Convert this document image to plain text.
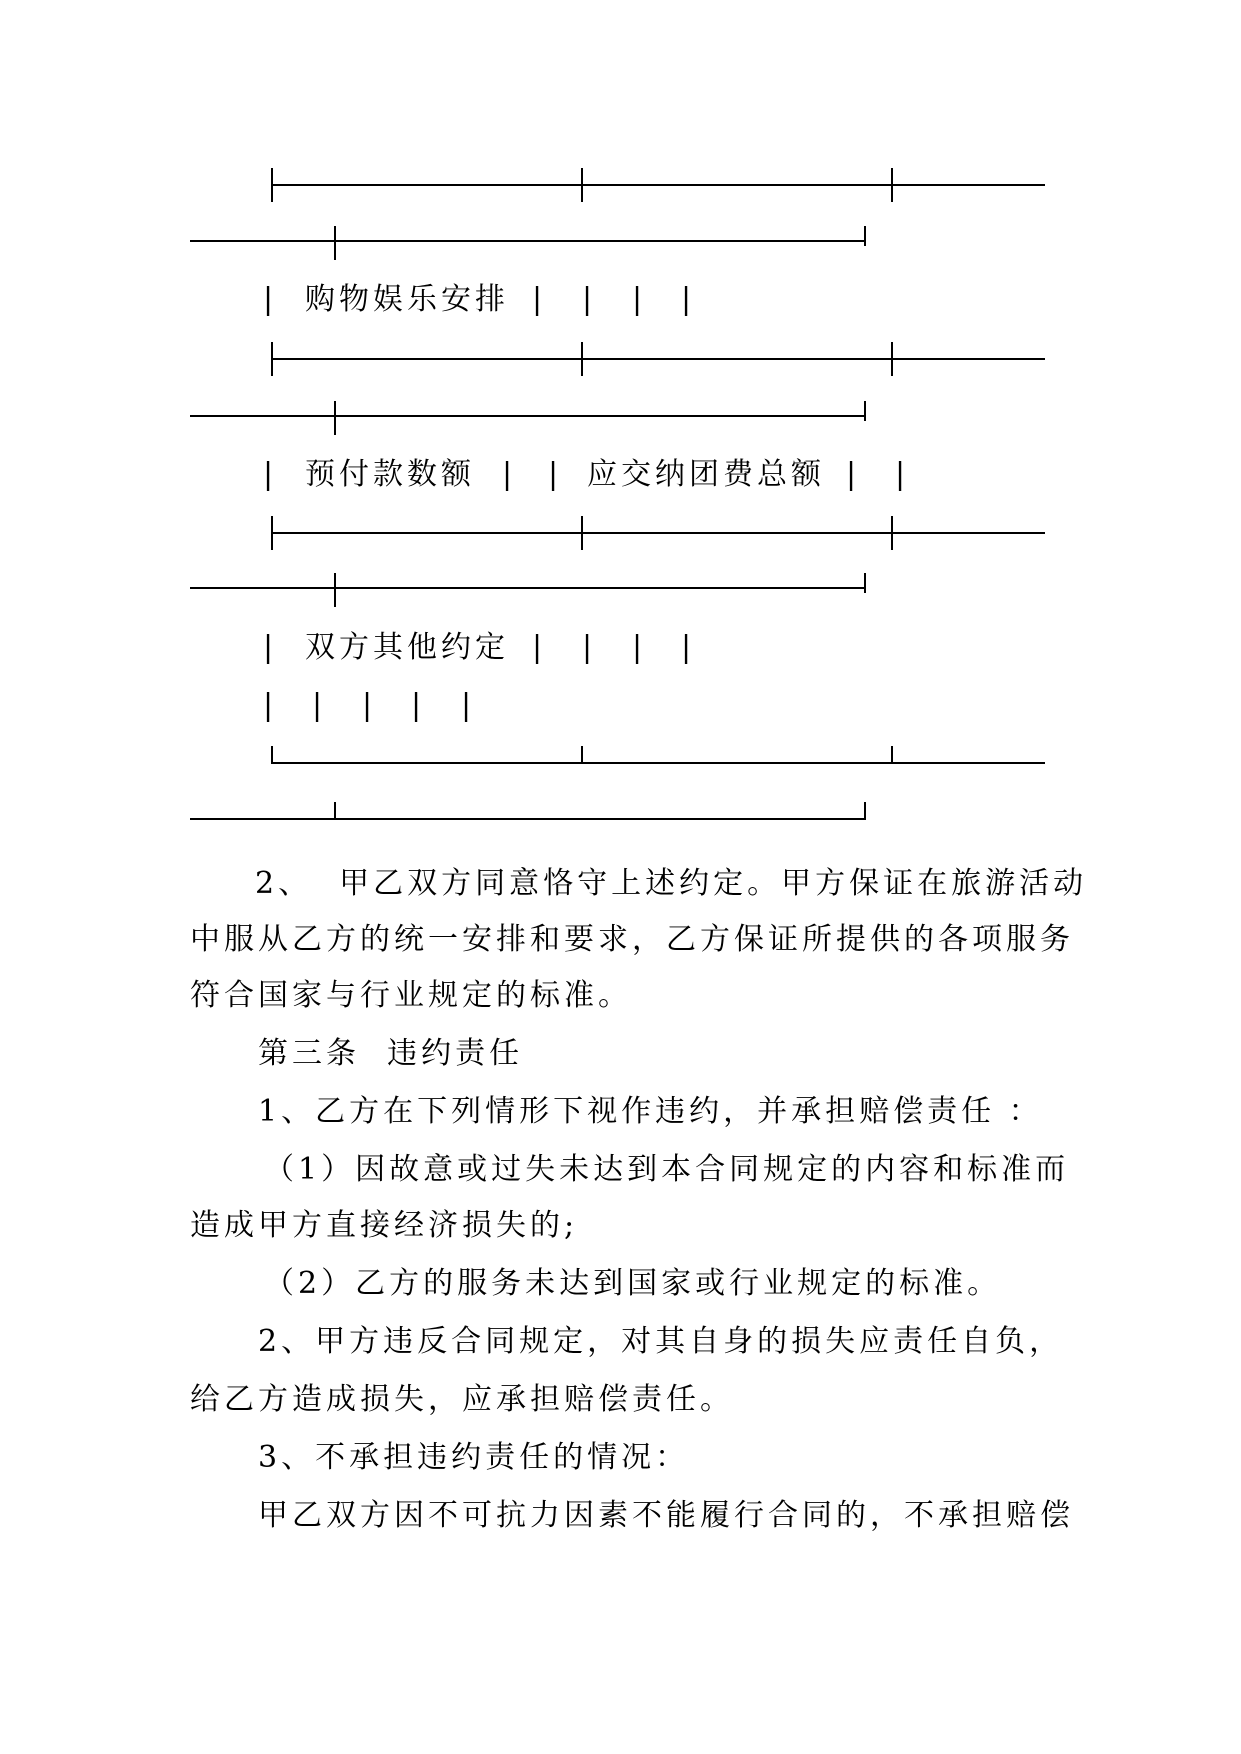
| 购物娱乐安排 | | | |
| 预付款数额 | | 应交纳团费总额 | |
| 双方其他约定 | | | |
| | | | |
2、  甲乙双方同意恪守上述约定。甲方保证在旅游活动
中服从乙方的统一安排和要求，乙方保证所提供的各项服务
符合国家与行业规定的标准。
第三条  违约责任
1、乙方在下列情形下视作违约，并承担赔偿责任 ：
（1）因故意或过失未达到本合同规定的内容和标准而
造成甲方直接经济损失的;
（2）乙方的服务未达到国家或行业规定的标准。
2、甲方违反合同规定，对其自身的损失应责任自负，
给乙方造成损失，应承担赔偿责任。
3、不承担违约责任的情况：
甲乙双方因不可抗力因素不能履行合同的，不承担赔偿
